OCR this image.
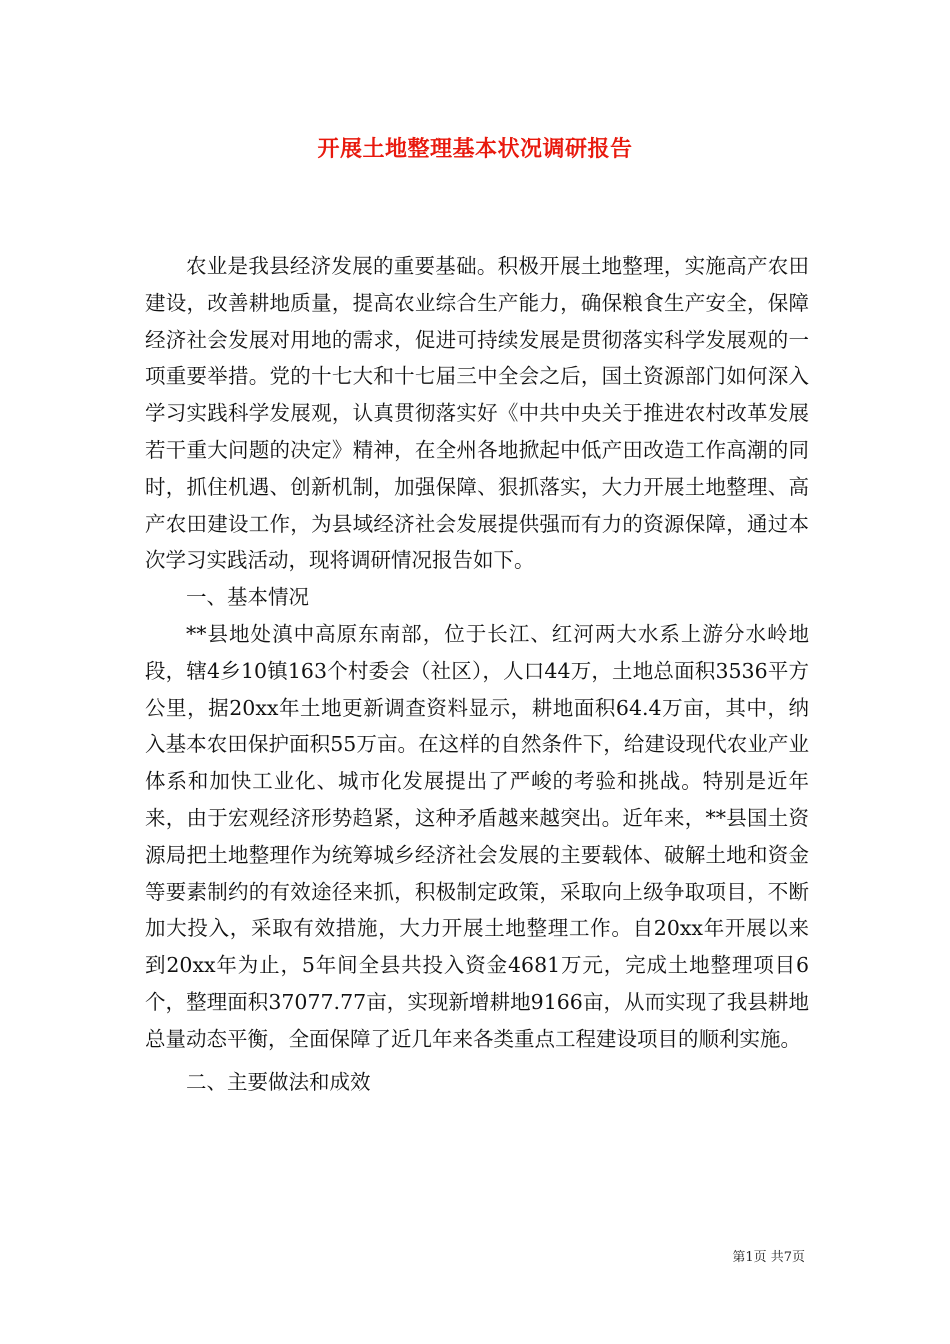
开展土地整理基本状况调研报告

农业是我县经济发展的重要基础。积极开展土地整理，实施高产农田建设，改善耕地质量，提高农业综合生产能力，确保粮食生产安全，保障经济社会发展对用地的需求，促进可持续发展是贯彻落实科学发展观的一项重要举措。党的十七大和十七届三中全会之后，国土资源部门如何深入学习实践科学发展观，认真贯彻落实好《中共中央关于推进农村改革发展若干重大问题的决定》精神，在全州各地掀起中低产田改造工作高潮的同时，抓住机遇、创新机制，加强保障、狠抓落实，大力开展土地整理、高产农田建设工作，为县域经济社会发展提供强而有力的资源保障，通过本次学习实践活动，现将调研情况报告如下。

一、基本情况

**县地处滇中高原东南部，位于长江、红河两大水系上游分水岭地段，辖4乡10镇163个村委会（社区），人口44万，土地总面积3536平方公里，据20xx年土地更新调查资料显示，耕地面积64.4万亩，其中，纳入基本农田保护面积55万亩。在这样的自然条件下，给建设现代农业产业体系和加快工业化、城市化发展提出了严峻的考验和挑战。特别是近年来，由于宏观经济形势趋紧，这种矛盾越来越突出。近年来，**县国土资源局把土地整理作为统筹城乡经济社会发展的主要载体、破解土地和资金等要素制约的有效途径来抓，积极制定政策，采取向上级争取项目，不断加大投入，采取有效措施，大力开展土地整理工作。自20xx年开展以来到20xx年为止，5年间全县共投入资金4681万元，完成土地整理项目6个，整理面积37077.77亩，实现新增耕地9166亩，从而实现了我县耕地总量动态平衡，全面保障了近几年来各类重点工程建设项目的顺利实施。

二、主要做法和成效

第1页 共7页
